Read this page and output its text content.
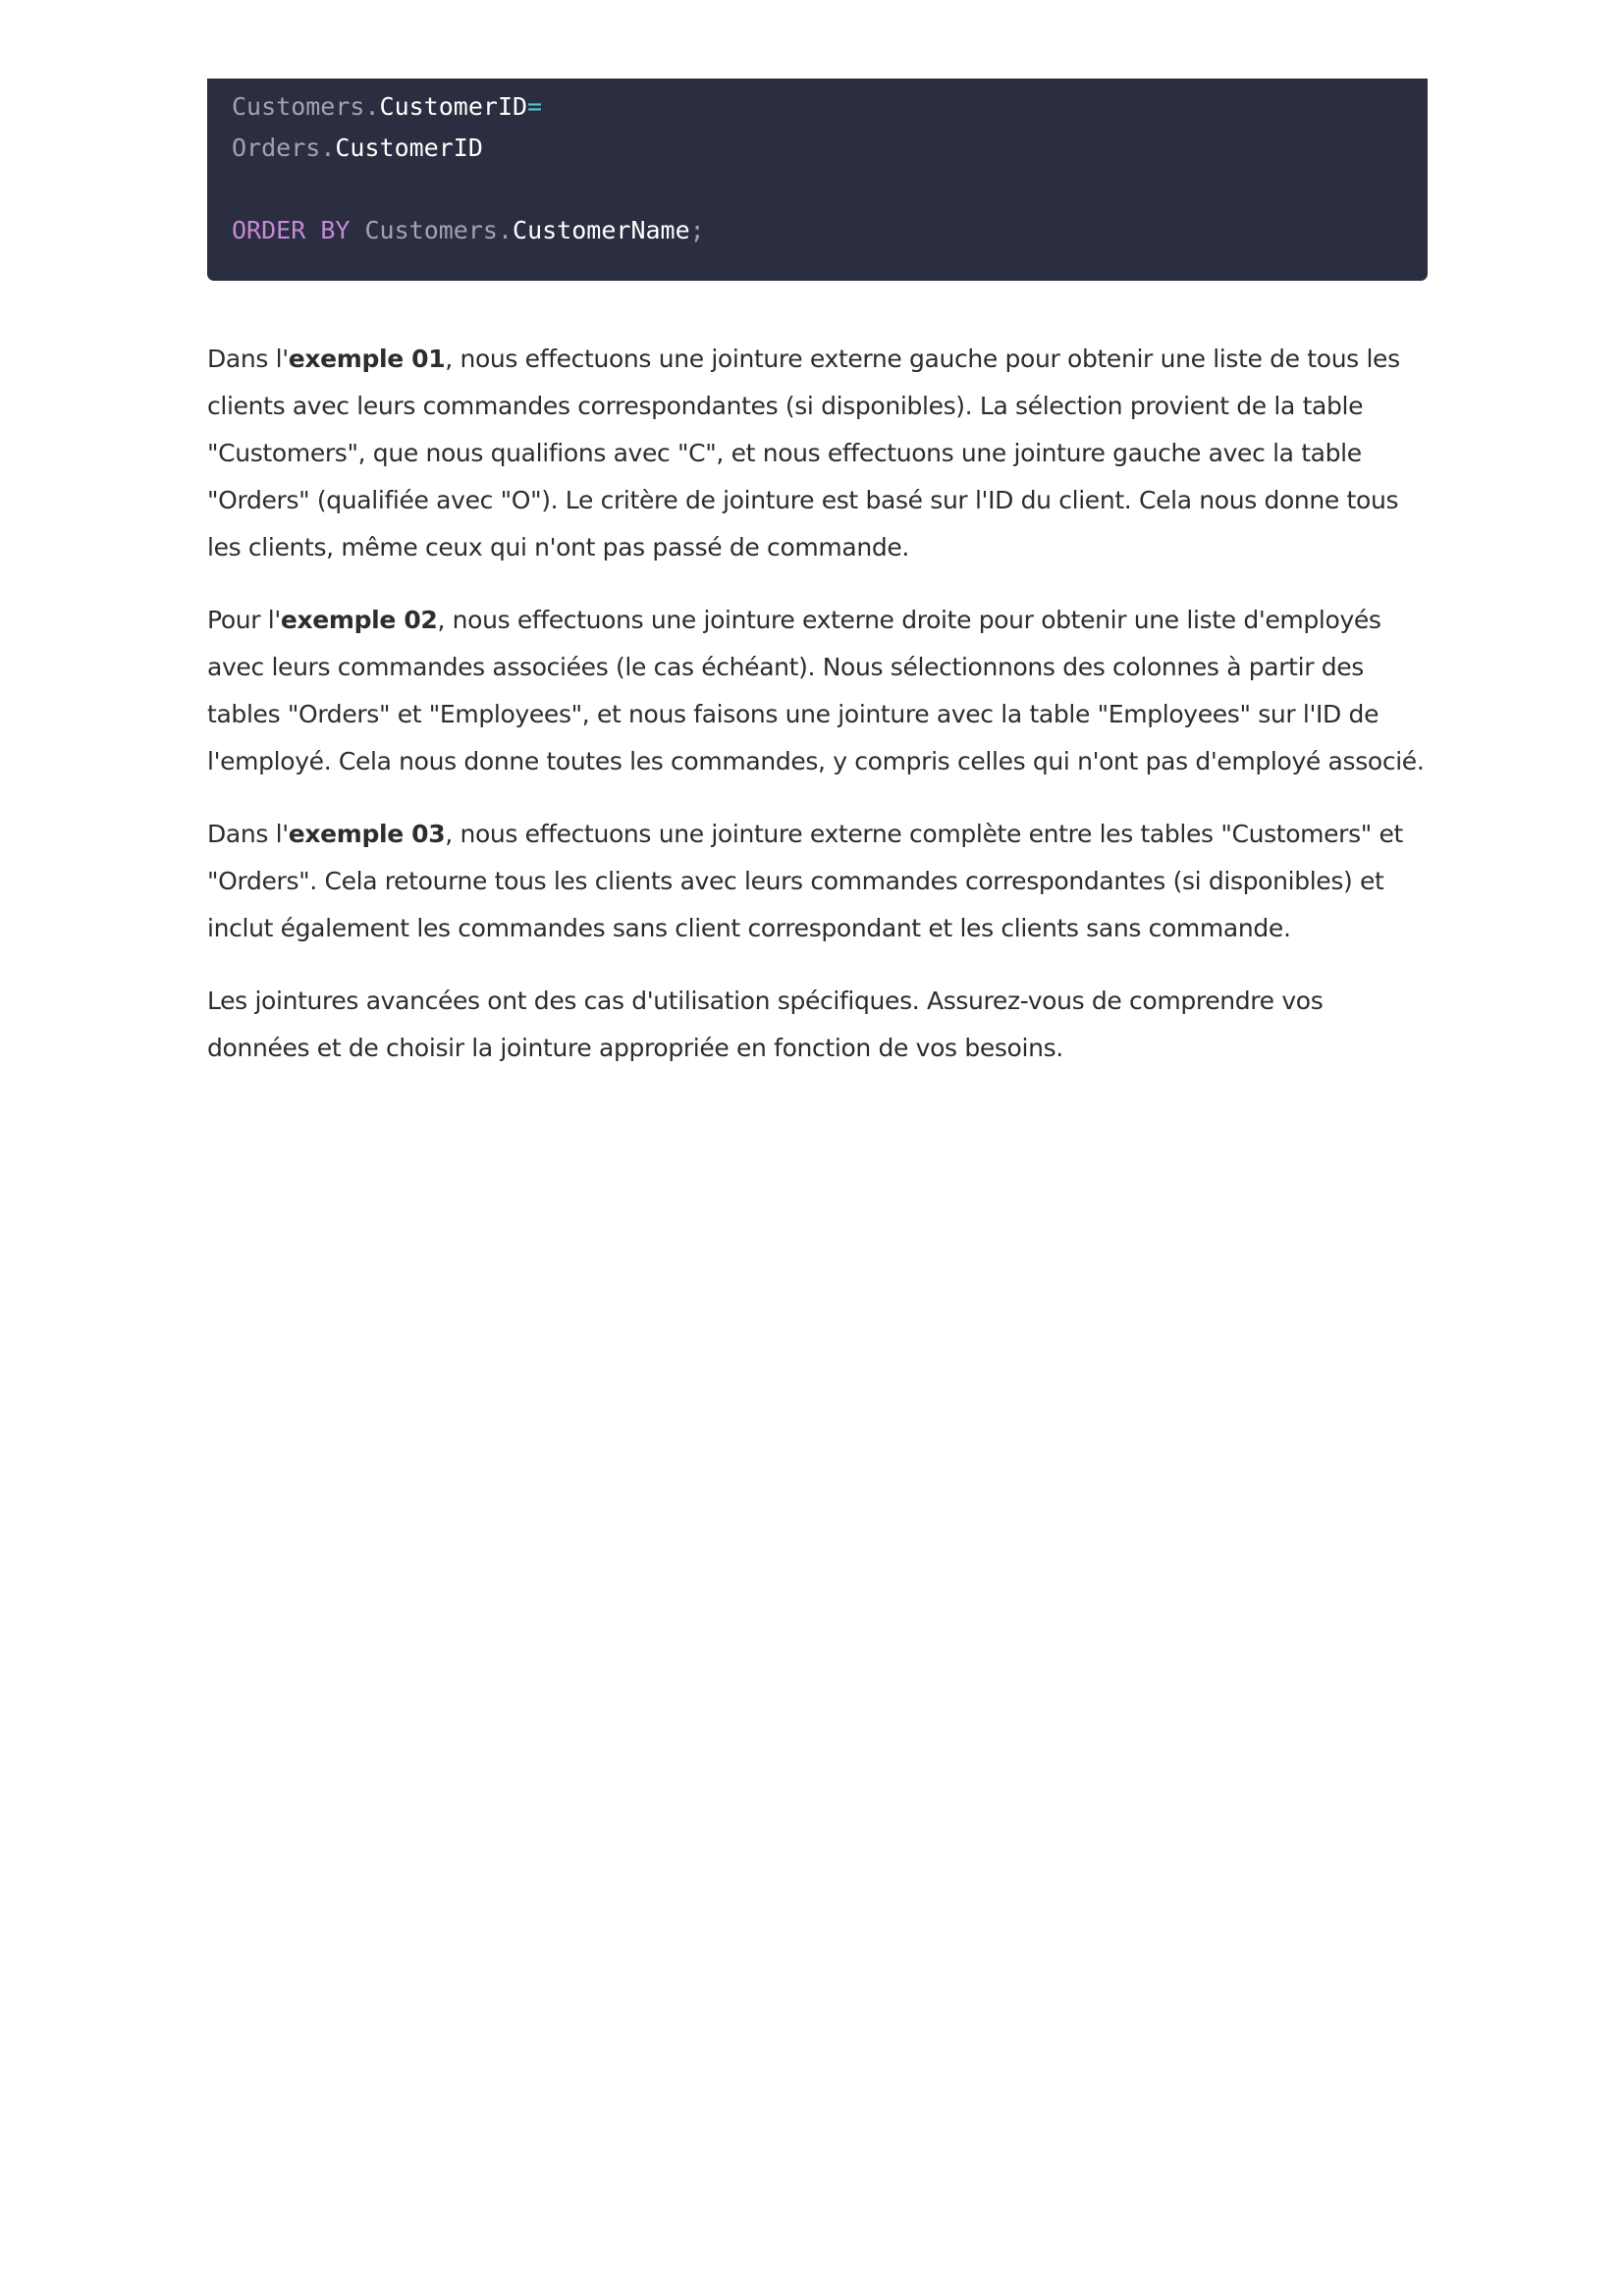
Customers.CustomerID=
Orders.CustomerID
ORDER BY Customers.CustomerName;

Dans l'exemple 01, nous effectuons une jointure externe gauche pour obtenir une liste de tous les clients avec leurs commandes correspondantes (si disponibles). La sélection provient de la table "Customers", que nous qualifions avec "C", et nous effectuons une jointure gauche avec la table "Orders" (qualifiée avec "O"). Le critère de jointure est basé sur l'ID du client. Cela nous donne tous les clients, même ceux qui n'ont pas passé de commande.

Pour l'exemple 02, nous effectuons une jointure externe droite pour obtenir une liste d'employés avec leurs commandes associées (le cas échéant). Nous sélectionnons des colonnes à partir des tables "Orders" et "Employees", et nous faisons une jointure avec la table "Employees" sur l'ID de l'employé. Cela nous donne toutes les commandes, y compris celles qui n'ont pas d'employé associé.

Dans l'exemple 03, nous effectuons une jointure externe complète entre les tables "Customers" et "Orders". Cela retourne tous les clients avec leurs commandes correspondantes (si disponibles) et inclut également les commandes sans client correspondant et les clients sans commande.

Les jointures avancées ont des cas d'utilisation spécifiques. Assurez-vous de comprendre vos données et de choisir la jointure appropriée en fonction de vos besoins.
